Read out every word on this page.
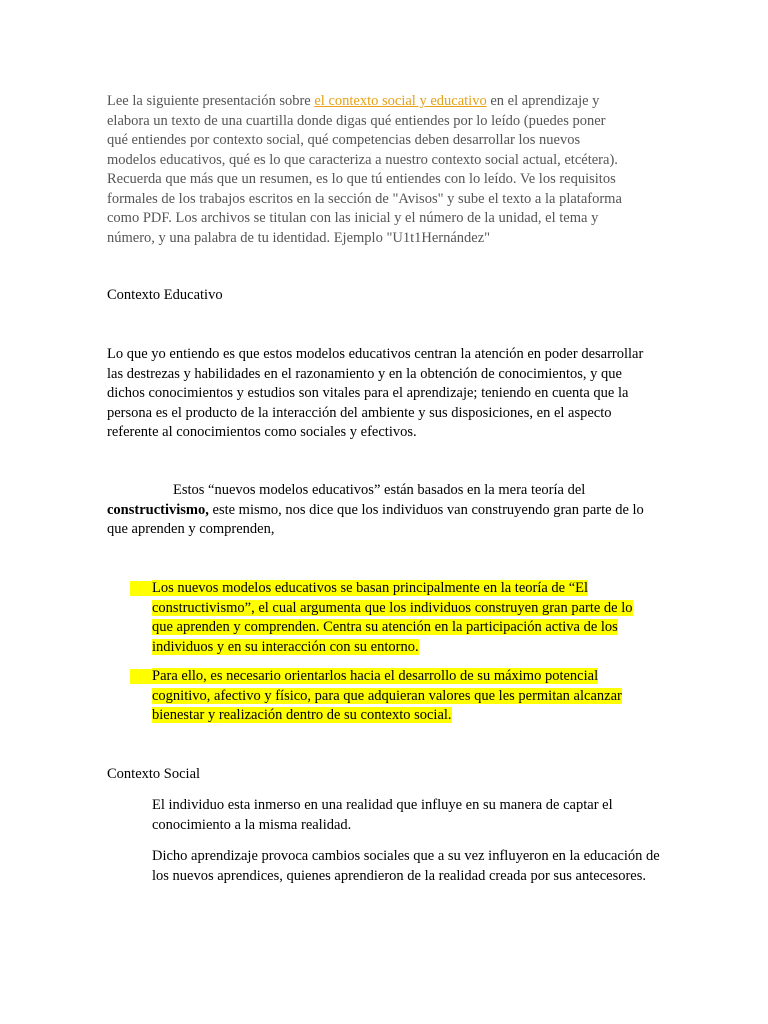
Lee la siguiente presentación sobre el contexto social y educativo en el aprendizaje y elabora un texto de una cuartilla donde digas qué entiendes por lo leído (puedes poner qué entiendes por contexto social, qué competencias deben desarrollar los nuevos modelos educativos, qué es lo que caracteriza a nuestro contexto social actual, etcétera). Recuerda que más que un resumen, es lo que tú entiendes con lo leído. Ve los requisitos formales de los trabajos escritos en la sección de "Avisos" y sube el texto a la plataforma como PDF. Los archivos se titulan con las inicial y el número de la unidad, el tema y número, y una palabra de tu identidad. Ejemplo "U1t1Hernández"

Contexto Educativo

Lo que yo entiendo es que estos modelos educativos centran la atención en poder desarrollar las destrezas y habilidades en el razonamiento y en la obtención de conocimientos, y que dichos conocimientos y estudios son vitales para el aprendizaje; teniendo en cuenta que la persona es el producto de la interacción del ambiente y sus disposiciones, en el aspecto referente al conocimientos como sociales y efectivos.

Estos “nuevos modelos educativos” están basados en la mera teoría del constructivismo, este mismo, nos dice que los individuos van construyendo gran parte de lo que aprenden y comprenden,

Los nuevos modelos educativos se basan principalmente en la teoría de “El constructivismo”, el cual argumenta que los individuos construyen gran parte de lo que aprenden y comprenden. Centra su atención en la participación activa de los individuos y en su interacción con su entorno.

Para ello, es necesario orientarlos hacia el desarrollo de su máximo potencial cognitivo, afectivo y físico, para que adquieran valores que les permitan alcanzar bienestar y realización dentro de su contexto social.

Contexto Social

El individuo esta inmerso en una realidad que influye en su manera de captar el conocimiento a la misma realidad.

Dicho aprendizaje provoca cambios sociales que a su vez influyeron en la educación de los nuevos aprendices, quienes aprendieron de la realidad creada por sus antecesores.
